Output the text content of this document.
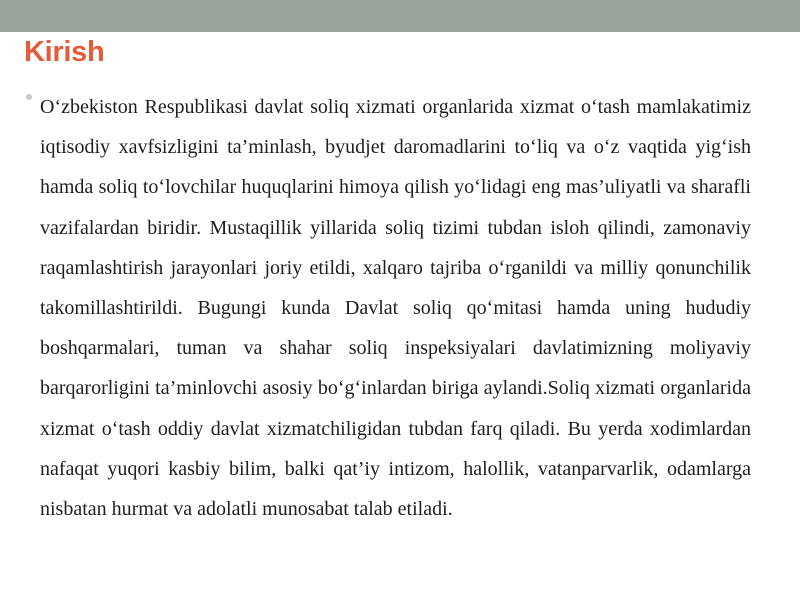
Kirish

O‘zbekiston Respublikasi davlat soliq xizmati organlarida xizmat o‘tash mamlakatimiz iqtisodiy xavfsizligini ta’minlash, byudjet daromadlarini to‘liq va o‘z vaqtida yig‘ish hamda soliq to‘lovchilar huquqlarini himoya qilish yo‘lidagi eng mas’uliyatli va sharafli vazifalardan biridir. Mustaqillik yillarida soliq tizimi tubdan isloh qilindi, zamonaviy raqamlashtirish jarayonlari joriy etildi, xalqaro tajriba o‘rganildi va milliy qonunchilik takomillashtirildi. Bugungi kunda Davlat soliq qo‘mitasi hamda uning hududiy boshqarmalari, tuman va shahar soliq inspeksiyalari davlatimizning moliyaviy barqarorligini ta’minlovchi asosiy bo‘g‘inlardan biriga aylandi.Soliq xizmati organlarida xizmat o‘tash oddiy davlat xizmatchiligidan tubdan farq qiladi. Bu yerda xodimlardan nafaqat yuqori kasbiy bilim, balki qat’iy intizom, halollik, vatanparvarlik, odamlarga nisbatan hurmat va adolatli munosabat talab etiladi.
